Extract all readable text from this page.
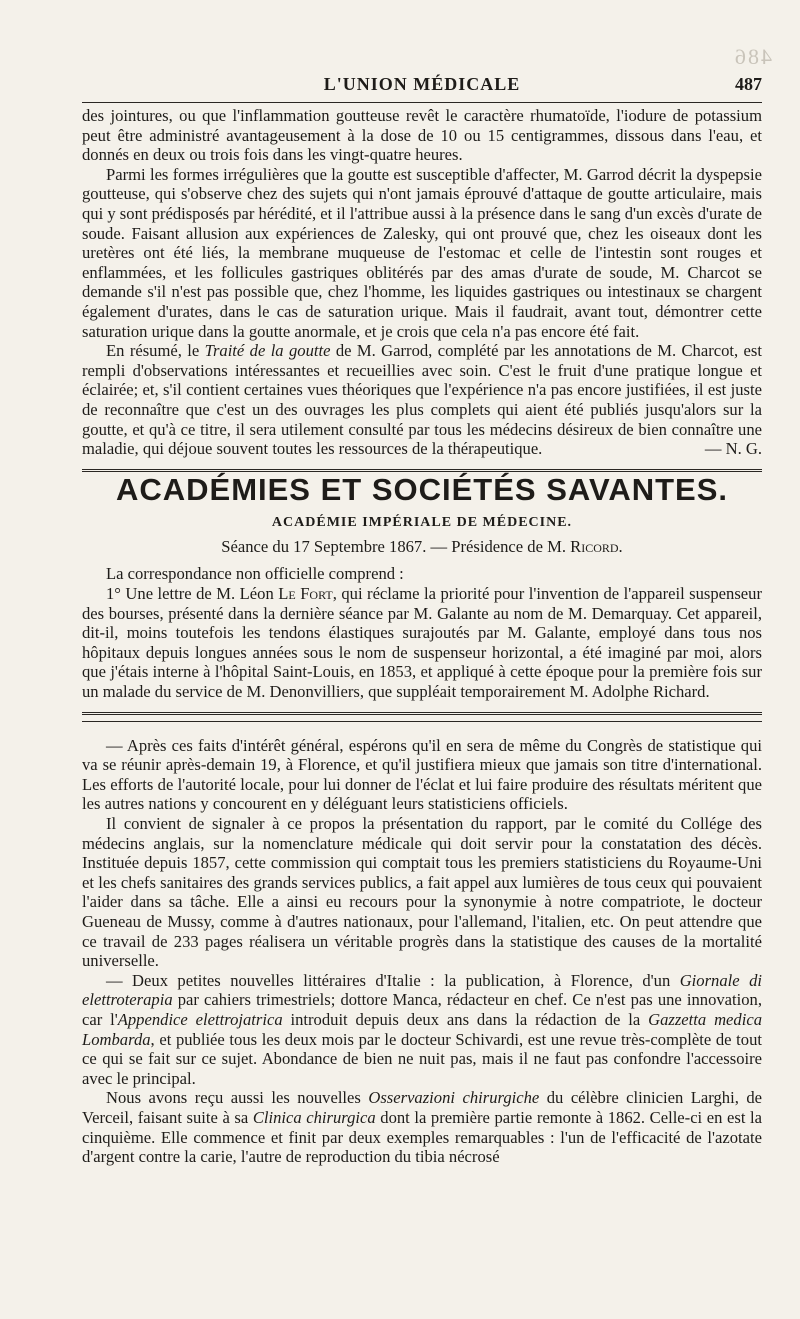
486
L'UNION MÉDICALE	487

des jointures, ou que l'inflammation goutteuse revêt le caractère rhumatoïde, l'iodure de potassium peut être administré avantageusement à la dose de 10 ou 15 centigrammes, dissous dans l'eau, et donnés en deux ou trois fois dans les vingt-quatre heures.

Parmi les formes irrégulières que la goutte est susceptible d'affecter, M. Garrod décrit la dyspepsie goutteuse, qui s'observe chez des sujets qui n'ont jamais éprouvé d'attaque de goutte articulaire, mais qui y sont prédisposés par hérédité, et il l'attribue aussi à la présence dans le sang d'un excès d'urate de soude. Faisant allusion aux expériences de Zalesky, qui ont prouvé que, chez les oiseaux dont les uretères ont été liés, la membrane muqueuse de l'estomac et celle de l'intestin sont rouges et enflammées, et les follicules gastriques oblitérés par des amas d'urate de soude, M. Charcot se demande s'il n'est pas possible que, chez l'homme, les liquides gastriques ou intestinaux se chargent également d'urates, dans le cas de saturation urique. Mais il faudrait, avant tout, démontrer cette saturation urique dans la goutte anormale, et je crois que cela n'a pas encore été fait.

En résumé, le Traité de la goutte de M. Garrod, complété par les annotations de M. Charcot, est rempli d'observations intéressantes et recueillies avec soin. C'est le fruit d'une pratique longue et éclairée; et, s'il contient certaines vues théoriques que l'expérience n'a pas encore justifiées, il est juste de reconnaître que c'est un des ouvrages les plus complets qui aient été publiés jusqu'alors sur la goutte, et qu'à ce titre, il sera utilement consulté par tous les médecins désireux de bien connaître une maladie, qui déjoue souvent toutes les ressources de la thérapeutique.	— N. G.

ACADÉMIES ET SOCIÉTÉS SAVANTES.
ACADÉMIE IMPÉRIALE DE MÉDECINE.
Séance du 17 Septembre 1867. — Présidence de M. Ricord.

La correspondance non officielle comprend :

1° Une lettre de M. Léon Le Fort, qui réclame la priorité pour l'invention de l'appareil suspenseur des bourses, présenté dans la dernière séance par M. Galante au nom de M. Demarquay. Cet appareil, dit-il, moins toutefois les tendons élastiques surajoutés par M. Galante, employé dans tous nos hôpitaux depuis longues années sous le nom de suspenseur horizontal, a été imaginé par moi, alors que j'étais interne à l'hôpital Saint-Louis, en 1853, et appliqué à cette époque pour la première fois sur un malade du service de M. Denonvilliers, que suppléait temporairement M. Adolphe Richard.

— Après ces faits d'intérêt général, espérons qu'il en sera de même du Congrès de statistique qui va se réunir après-demain 19, à Florence, et qu'il justifiera mieux que jamais son titre d'international. Les efforts de l'autorité locale, pour lui donner de l'éclat et lui faire produire des résultats méritent que les autres nations y concourent en y déléguant leurs statisticiens officiels.

Il convient de signaler à ce propos la présentation du rapport, par le comité du Collége des médecins anglais, sur la nomenclature médicale qui doit servir pour la constatation des décès. Instituée depuis 1857, cette commission qui comptait tous les premiers statisticiens du Royaume-Uni et les chefs sanitaires des grands services publics, a fait appel aux lumières de tous ceux qui pouvaient l'aider dans sa tâche. Elle a ainsi eu recours pour la synonymie à notre compatriote, le docteur Gueneau de Mussy, comme à d'autres nationaux, pour l'allemand, l'italien, etc. On peut attendre que ce travail de 233 pages réalisera un véritable progrès dans la statistique des causes de la mortalité universelle.

— Deux petites nouvelles littéraires d'Italie : la publication, à Florence, d'un Giornale di elettroterapia par cahiers trimestriels; dottore Manca, rédacteur en chef. Ce n'est pas une innovation, car l'Appendice elettrojatrica introduit depuis deux ans dans la rédaction de la Gazzetta medica Lombarda, et publiée tous les deux mois par le docteur Schivardi, est une revue très-complète de tout ce qui se fait sur ce sujet. Abondance de bien ne nuit pas, mais il ne faut pas confondre l'accessoire avec le principal.

Nous avons reçu aussi les nouvelles Osservazioni chirurgiche du célèbre clinicien Larghi, de Verceil, faisant suite à sa Clinica chirurgica dont la première partie remonte à 1862. Celle-ci en est la cinquième. Elle commence et finit par deux exemples remarquables : l'un de l'efficacité de l'azotate d'argent contre la carie, l'autre de reproduction du tibia nécrosé
